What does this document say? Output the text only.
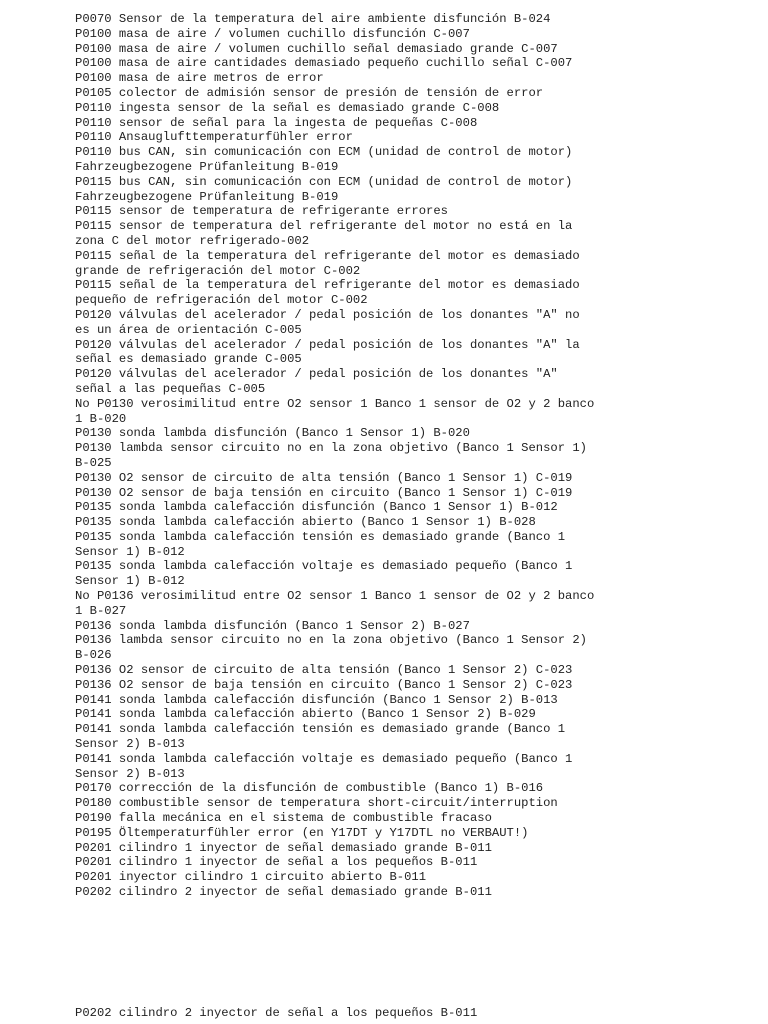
P0070 Sensor de la temperatura del aire ambiente disfunción B-024
P0100 masa de aire / volumen cuchillo disfunción C-007
P0100 masa de aire / volumen cuchillo señal demasiado grande C-007
P0100 masa de aire cantidades demasiado pequeño cuchillo señal C-007
P0100 masa de aire metros de error
P0105 colector de admisión sensor de presión de tensión de error
P0110 ingesta sensor de la señal es demasiado grande C-008
P0110 sensor de señal para la ingesta de pequeñas C-008
P0110 Ansauglufttemperaturfühler error
P0110 bus CAN, sin comunicación con ECM (unidad de control de motor)
Fahrzeugbezogene Prüfanleitung B-019
P0115 bus CAN, sin comunicación con ECM (unidad de control de motor)
Fahrzeugbezogene Prüfanleitung B-019
P0115 sensor de temperatura de refrigerante errores
P0115 sensor de temperatura del refrigerante del motor no está en la
zona C del motor refrigerado-002
P0115 señal de la temperatura del refrigerante del motor es demasiado
grande de refrigeración del motor C-002
P0115 señal de la temperatura del refrigerante del motor es demasiado
pequeño de refrigeración del motor C-002
P0120 válvulas del acelerador / pedal posición de los donantes "A" no
es un área de orientación C-005
P0120 válvulas del acelerador / pedal posición de los donantes "A" la
señal es demasiado grande C-005
P0120 válvulas del acelerador / pedal posición de los donantes "A"
señal a las pequeñas C-005
No P0130 verosimilitud entre O2 sensor 1 Banco 1 sensor de O2 y 2 banco
1 B-020
P0130 sonda lambda disfunción (Banco 1 Sensor 1) B-020
P0130 lambda sensor circuito no en la zona objetivo (Banco 1 Sensor 1)
B-025
P0130 O2 sensor de circuito de alta tensión (Banco 1 Sensor 1) C-019
P0130 O2 sensor de baja tensión en circuito (Banco 1 Sensor 1) C-019
P0135 sonda lambda calefacción disfunción (Banco 1 Sensor 1) B-012
P0135 sonda lambda calefacción abierto (Banco 1 Sensor 1) B-028
P0135 sonda lambda calefacción tensión es demasiado grande (Banco 1
Sensor 1) B-012
P0135 sonda lambda calefacción voltaje es demasiado pequeño (Banco 1
Sensor 1) B-012
No P0136 verosimilitud entre O2 sensor 1 Banco 1 sensor de O2 y 2 banco
1 B-027
P0136 sonda lambda disfunción (Banco 1 Sensor 2) B-027
P0136 lambda sensor circuito no en la zona objetivo (Banco 1 Sensor 2)
B-026
P0136 O2 sensor de circuito de alta tensión (Banco 1 Sensor 2) C-023
P0136 O2 sensor de baja tensión en circuito (Banco 1 Sensor 2) C-023
P0141 sonda lambda calefacción disfunción (Banco 1 Sensor 2) B-013
P0141 sonda lambda calefacción abierto (Banco 1 Sensor 2) B-029
P0141 sonda lambda calefacción tensión es demasiado grande (Banco 1
Sensor 2) B-013
P0141 sonda lambda calefacción voltaje es demasiado pequeño (Banco 1
Sensor 2) B-013
P0170 corrección de la disfunción de combustible (Banco 1) B-016
P0180 combustible sensor de temperatura short-circuit/interruption
P0190 falla mecánica en el sistema de combustible fracaso
P0195 Öltemperaturfühler error (en Y17DT y Y17DTL no VERBAUT!)
P0201 cilindro 1 inyector de señal demasiado grande B-011
P0201 cilindro 1 inyector de señal a los pequeños B-011
P0201 inyector cilindro 1 circuito abierto B-011
P0202 cilindro 2 inyector de señal demasiado grande B-011
P0202 cilindro 2 inyector de señal a los pequeños B-011
